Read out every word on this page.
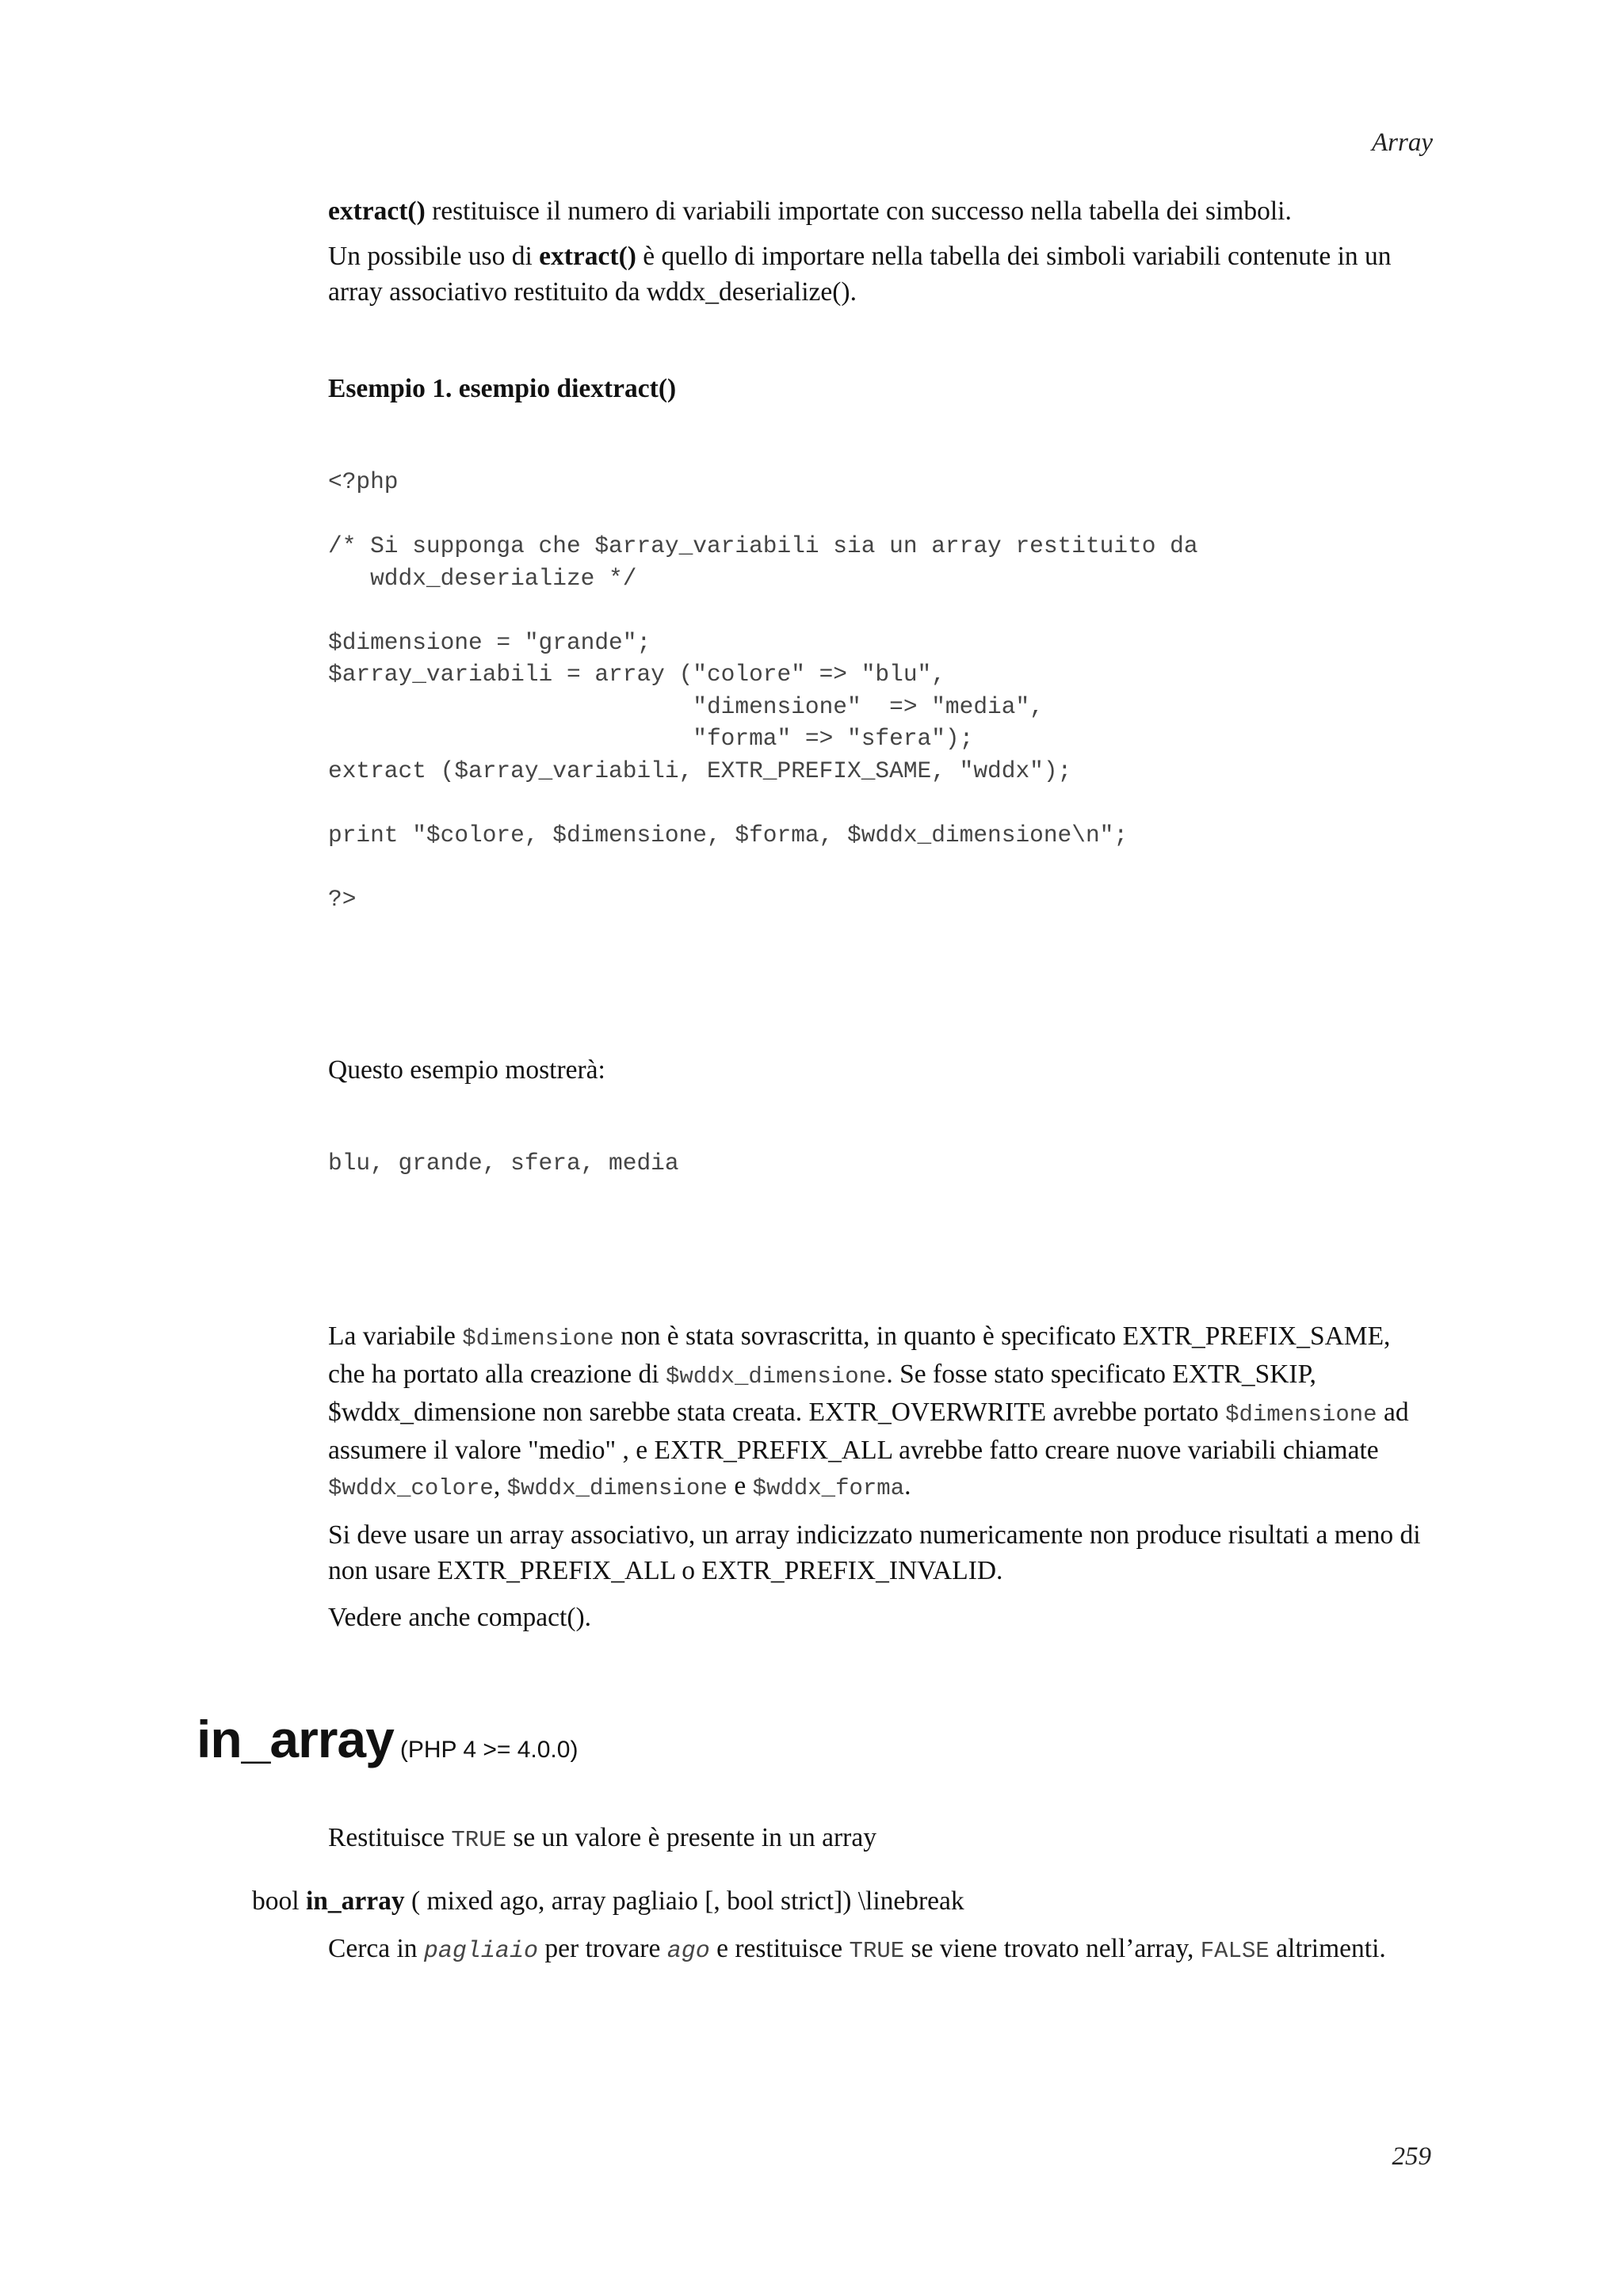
Array

extract() restituisce il numero di variabili importate con successo nella tabella dei simboli.

Un possibile uso di extract() è quello di importare nella tabella dei simboli variabili contenute in un array associativo restituito da wddx_deserialize().

Esempio 1. esempio diextract()
<?php

/* Si supponga che $array_variabili sia un array restituito da
wddx_deserialize */

$dimensione = "grande";
$array_variabili = array ("colore" => "blu",
"dimensione"  => "media",
"forma" => "sfera");
extract ($array_variabili, EXTR_PREFIX_SAME, "wddx");

print "$colore, $dimensione, $forma, $wddx_dimensione\n";

?>
Questo esempio mostrerà:
blu, grande, sfera, media

La variabile $dimensione non è stata sovrascritta, in quanto è specificato EXTR_PREFIX_SAME, che ha portato alla creazione di $wddx_dimensione. Se fosse stato specificato EXTR_SKIP, $wddx_dimensione non sarebbe stata creata. EXTR_OVERWRITE avrebbe portato $dimensione ad assumere il valore "medio" , e EXTR_PREFIX_ALL avrebbe fatto creare nuove variabili chiamate $wddx_colore, $wddx_dimensione e $wddx_forma.

Si deve usare un array associativo, un array indicizzato numericamente non produce risultati a meno di non usare EXTR_PREFIX_ALL o EXTR_PREFIX_INVALID.

Vedere anche compact().

in_array (PHP 4 >= 4.0.0)
Restituisce TRUE se un valore è presente in un array
bool in_array ( mixed ago, array pagliaio [, bool strict]) \linebreak
Cerca in pagliaio per trovare ago e restituisce TRUE se viene trovato nell’array, FALSE altrimenti.
259
